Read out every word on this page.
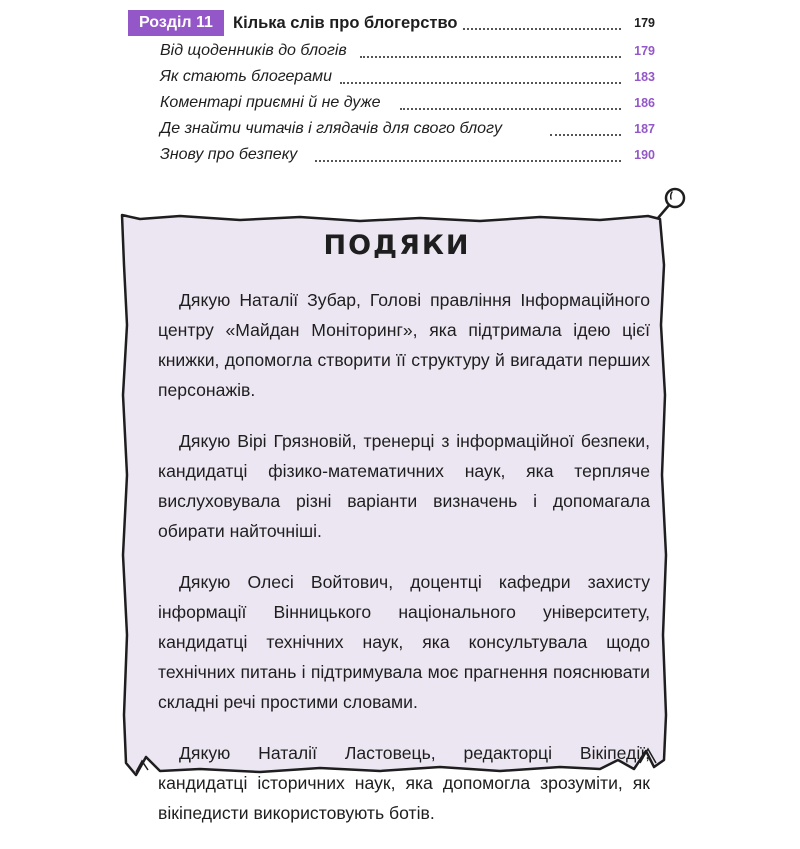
Розділ 11	Кілька слів про блогерство	179
Від щоденників до блогів	179
Як стають блогерами	183
Коментарі приємні й не дуже	186
Де знайти читачів і глядачів для свого блогу	187
Знову про безпеку	190
ПОДЯКИ

Дякую Наталії Зубар, Голові правління Інформаційного центру «Майдан Моніторинг», яка підтримала ідею цієї книжки, допомогла створити її структуру й вигадати перших персонажів.

Дякую Вірі Грязновій, тренерці з інформаційної безпеки, кандидатці фізико-математичних наук, яка терпляче вислуховувала різні варіанти визначень і допомагала обирати найточніші.

Дякую Олесі Войтович, доцентці кафедри захисту інформації Вінницького національного університету, кандидатці технічних наук, яка консультувала щодо технічних питань і підтримувала моє прагнення пояснювати складні речі простими словами.

Дякую Наталії Ластовець, редакторці Вікіпедії, кандидатці історичних наук, яка допомогла зрозуміти, як вікіпедисти використовують ботів.
